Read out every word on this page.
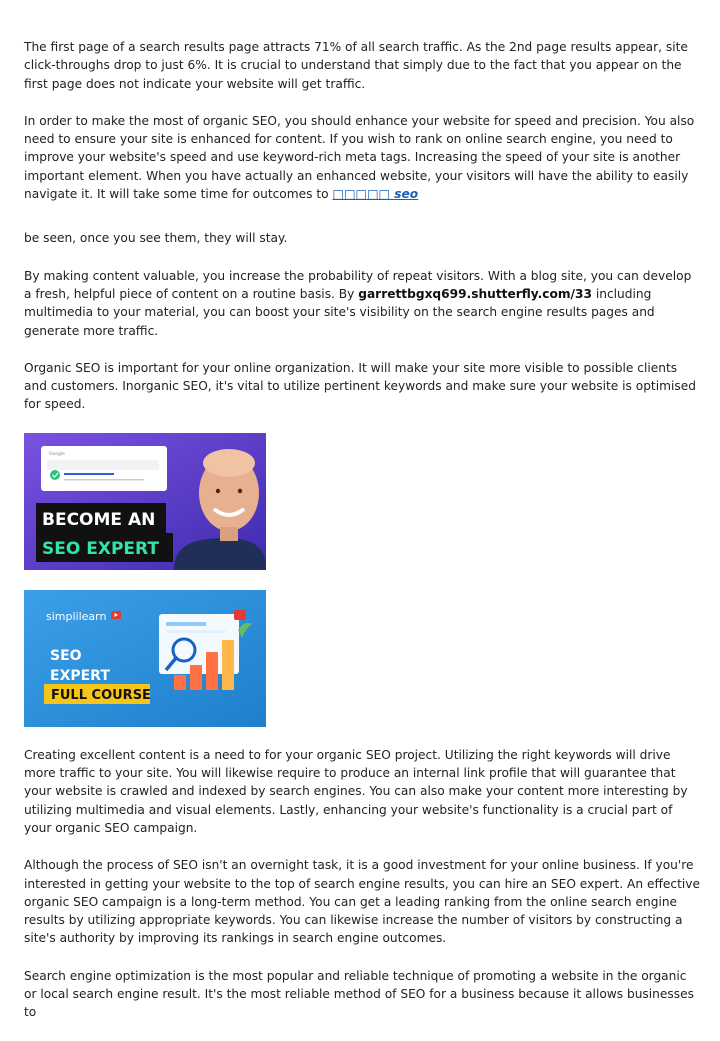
The first page of a search results page attracts 71% of all search traffic. As the 2nd page results appear, site click-throughs drop to just 6%. It is crucial to understand that simply due to the fact that you appear on the first page does not indicate your website will get traffic.

In order to make the most of organic SEO, you should enhance your website for speed and precision. You also need to ensure your site is enhanced for content. If you wish to rank on online search engine, you need to improve your website's speed and use keyword-rich meta tags. Increasing the speed of your site is another important element. When you have actually an enhanced website, your visitors will have the ability to easily navigate it. It will take some time for outcomes to □□□□□ seo

be seen, once you see them, they will stay.

By making content valuable, you increase the probability of repeat visitors. With a blog site, you can develop a fresh, helpful piece of content on a routine basis. By garrettbgxq699.shutterfly.com/33 including multimedia to your material, you can boost your site's visibility on the search engine results pages and generate more traffic.

Organic SEO is important for your online organization. It will make your site more visible to possible clients and customers. Inorganic SEO, it's vital to utilize pertinent keywords and make sure your website is optimised for speed.

Google
BECOME AN
SEO EXPERT
simplilearn
SEO
EXPERT
FULL COURSE

Creating excellent content is a need to for your organic SEO project. Utilizing the right keywords will drive more traffic to your site. You will likewise require to produce an internal link profile that will guarantee that your website is crawled and indexed by search engines. You can also make your content more interesting by utilizing multimedia and visual elements. Lastly, enhancing your website's functionality is a crucial part of your organic SEO campaign.

Although the process of SEO isn't an overnight task, it is a good investment for your online business. If you're interested in getting your website to the top of search engine results, you can hire an SEO expert. An effective organic SEO campaign is a long-term method. You can get a leading ranking from the online search engine results by utilizing appropriate keywords. You can likewise increase the number of visitors by constructing a site's authority by improving its rankings in search engine outcomes.

Search engine optimization is the most popular and reliable technique of promoting a website in the organic or local search engine result. It's the most reliable method of SEO for a business because it allows businesses to
